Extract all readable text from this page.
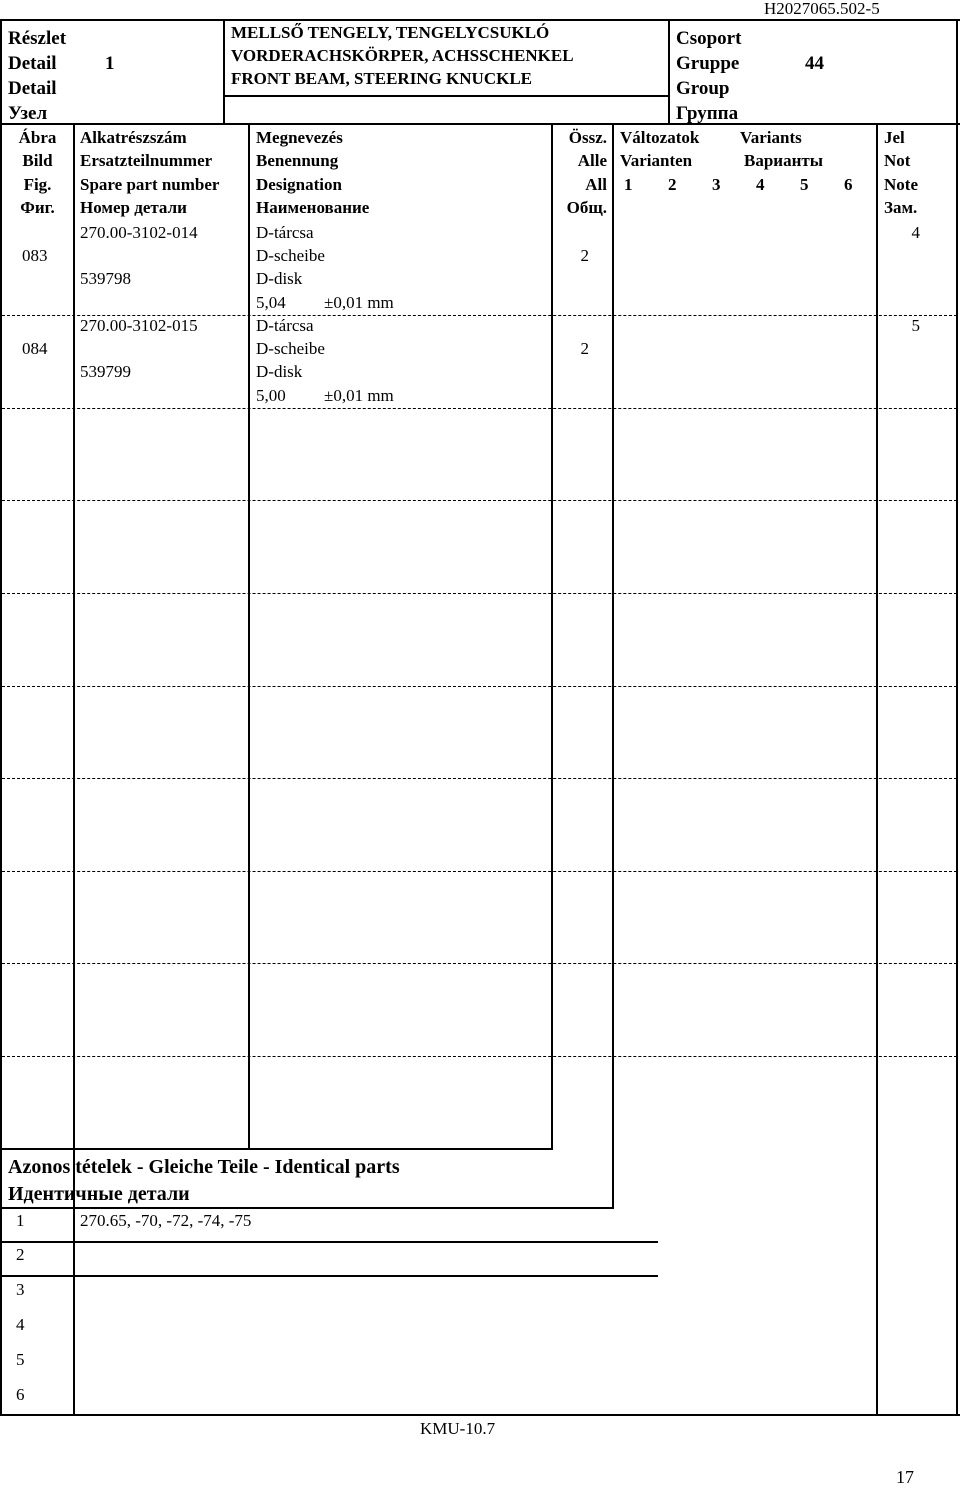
H2027065.502-5
Részlet
Detail
Detail
Узел
1
MELLSŐ TENGELY, TENGELYCSUKLÓ
VORDERACHSKÖRPER, ACHSSCHENKEL
FRONT BEAM, STEERING KNUCKLE
Csoport
Gruppe
Group
Группа
44
Ábra
Bild
Fig.
Фиг.
Alkatrészszám
Ersatzteilnummer
Spare part number
Номер детали
Megnevezés
Benennung
Designation
Наименование
Össz.
Alle
All
Общ.
Változatok Variants
Varianten	Варианты
1 2 3 4 5 6
Jel
Not
Note
Зам.
083
270.00-3102-014
539798
D-tárcsa
D-scheibe
D-disk
5,04 ±0,01 mm
2
4
084
270.00-3102-015
539799
D-tárcsa
D-scheibe
D-disk
5,00 ±0,01 mm
2
5
Azonos tételek - Gleiche Teile - Identical parts
Идентичные детали
1	270.65, -70, -72, -74, -75
2
3
4
5
6
KMU-10.7
17
